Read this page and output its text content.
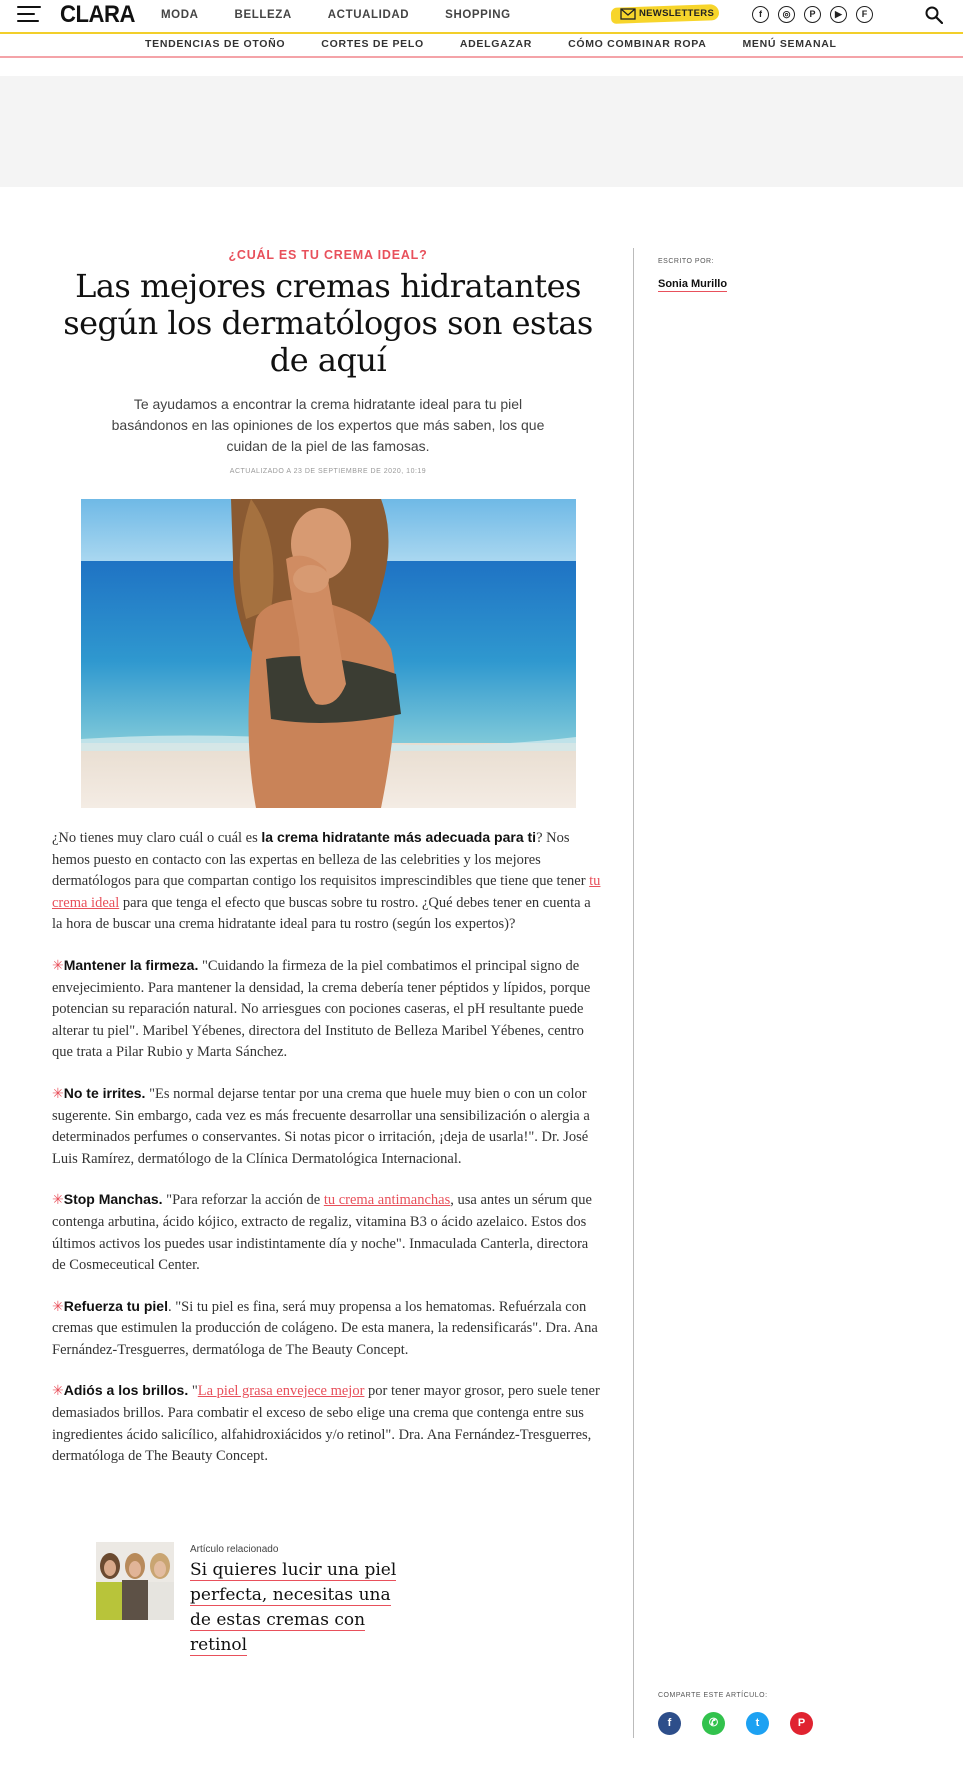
CLARA MODA	BELLEZA	ACTUALIDAD	SHOPPING	NEWSLETTERS	f	◎	P	▶	F
TENDENCIAS DE OTOÑO	CORTES DE PELO	ADELGAZAR	CÓMO COMBINAR ROPA	MENÚ SEMANAL
¿CUÁL ES TU CREMA IDEAL?
Las mejores cremas hidratantes según los dermatólogos son estas de aquí

Te ayudamos a encontrar la crema hidratante ideal para tu piel basándonos en las opiniones de los expertos que más saben, los que cuidan de la piel de las famosas.

ACTUALIZADO A 23 DE SEPTIEMBRE DE 2020, 10:19

¿No tienes muy claro cuál o cuál es la crema hidratante más adecuada para ti? Nos hemos puesto en contacto con las expertas en belleza de las celebrities y los mejores dermatólogos para que compartan contigo los requisitos imprescindibles que tiene que tener tu crema ideal para que tenga el efecto que buscas sobre tu rostro. ¿Qué debes tener en cuenta a la hora de buscar una crema hidratante ideal para tu rostro (según los expertos)?

✳Mantener la firmeza. "Cuidando la firmeza de la piel combatimos el principal signo de envejecimiento. Para mantener la densidad, la crema debería tener péptidos y lípidos, porque potencian su reparación natural. No arriesgues con pociones caseras, el pH resultante puede alterar tu piel". Maribel Yébenes, directora del Instituto de Belleza Maribel Yébenes, centro que trata a Pilar Rubio y Marta Sánchez.

✳No te irrites. "Es normal dejarse tentar por una crema que huele muy bien o con un color sugerente. Sin embargo, cada vez es más frecuente desarrollar una sensibilización o alergia a determinados perfumes o conservantes. Si notas picor o irritación, ¡deja de usarla!". Dr. José Luis Ramírez, dermatólogo de la Clínica Dermatológica Internacional.

✳Stop Manchas. "Para reforzar la acción de tu crema antimanchas, usa antes un sérum que contenga arbutina, ácido kójico, extracto de regaliz, vitamina B3 o ácido azelaico. Estos dos últimos activos los puedes usar indistintamente día y noche". Inmaculada Canterla, directora de Cosmeceutical Center.

✳Refuerza tu piel. "Si tu piel es fina, será muy propensa a los hematomas. Refuérzala con cremas que estimulen la producción de colágeno. De esta manera, la redensificarás". Dra. Ana Fernández-Tresguerres, dermatóloga de The Beauty Concept.

✳Adiós a los brillos. "La piel grasa envejece mejor por tener mayor grosor, pero suele tener demasiados brillos. Para combatir el exceso de sebo elige una crema que contenga entre sus ingredientes ácido salicílico, alfahidroxiácidos y/o retinol". Dra. Ana Fernández-Tresguerres, dermatóloga de The Beauty Concept.

Artículo relacionado
Si quieres lucir una piel perfecta, necesitas una de estas cremas con retinol
ESCRITO POR:
Sonia Murillo
COMPARTE ESTE ARTÍCULO:
f	✆	t	P
